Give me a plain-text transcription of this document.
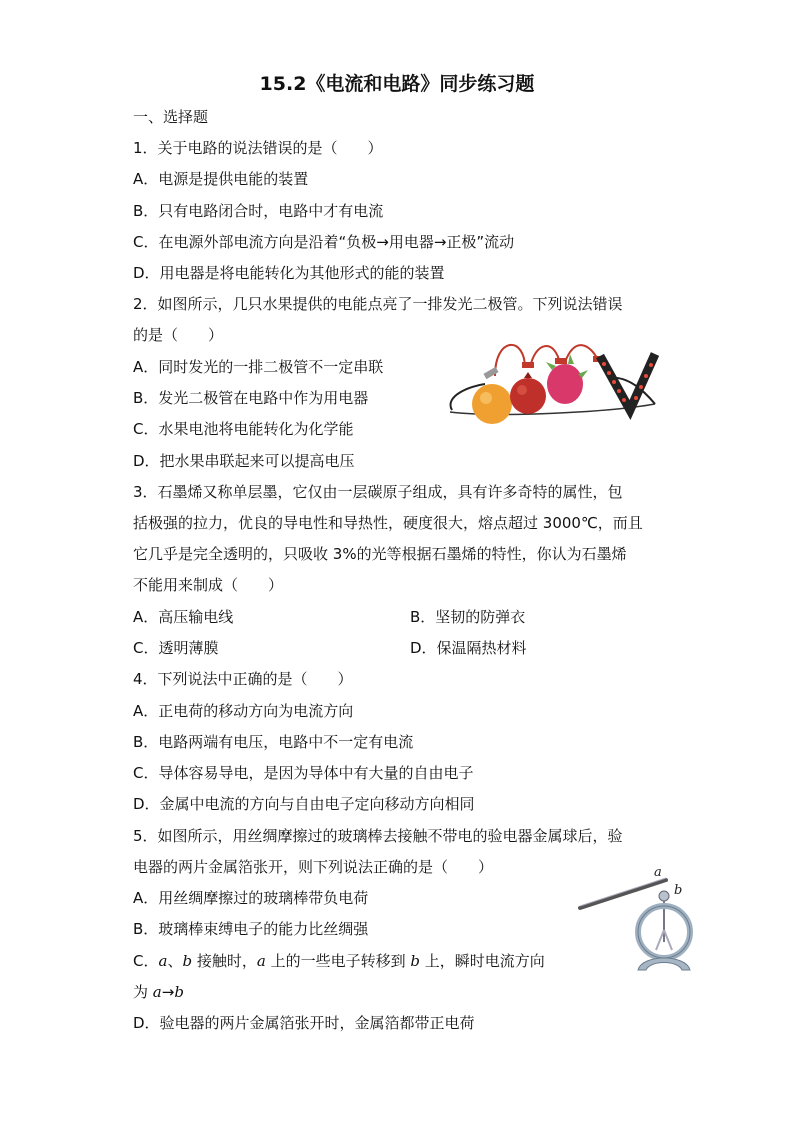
15.2《电流和电路》同步练习题
一、选择题
1．关于电路的说法错误的是（　　）
A．电源是提供电能的装置
B．只有电路闭合时，电路中才有电流
C．在电源外部电流方向是沿着“负极→用电器→正极”流动
D．用电器是将电能转化为其他形式的能的装置
2．如图所示，几只水果提供的电能点亮了一排发光二极管。下列说法错误
的是（　　）
A．同时发光的一排二极管不一定串联
B．发光二极管在电路中作为用电器
C．水果电池将电能转化为化学能
D．把水果串联起来可以提高电压
3．石墨烯又称单层墨，它仅由一层碳原子组成，具有许多奇特的属性，包
括极强的拉力，优良的导电性和导热性，硬度很大，熔点超过 3000℃，而且
它几乎是完全透明的，只吸收 3%的光等根据石墨烯的特性，你认为石墨烯
不能用来制成（　　）
A．高压输电线	B．坚韧的防弹衣
C．透明薄膜	D．保温隔热材料
4．下列说法中正确的是（　　）
A．正电荷的移动方向为电流方向
B．电路两端有电压，电路中不一定有电流
C．导体容易导电，是因为导体中有大量的自由电子
D．金属中电流的方向与自由电子定向移动方向相同
5．如图所示，用丝绸摩擦过的玻璃棒去接触不带电的验电器金属球后，验
电器的两片金属箔张开，则下列说法正确的是（　　）
A．用丝绸摩擦过的玻璃棒带负电荷
B．玻璃棒束缚电子的能力比丝绸强
C．a、b 接触时，a 上的一些电子转移到 b 上，瞬时电流方向
为 a→b
D．验电器的两片金属箔张开时，金属箔都带正电荷
a
b
